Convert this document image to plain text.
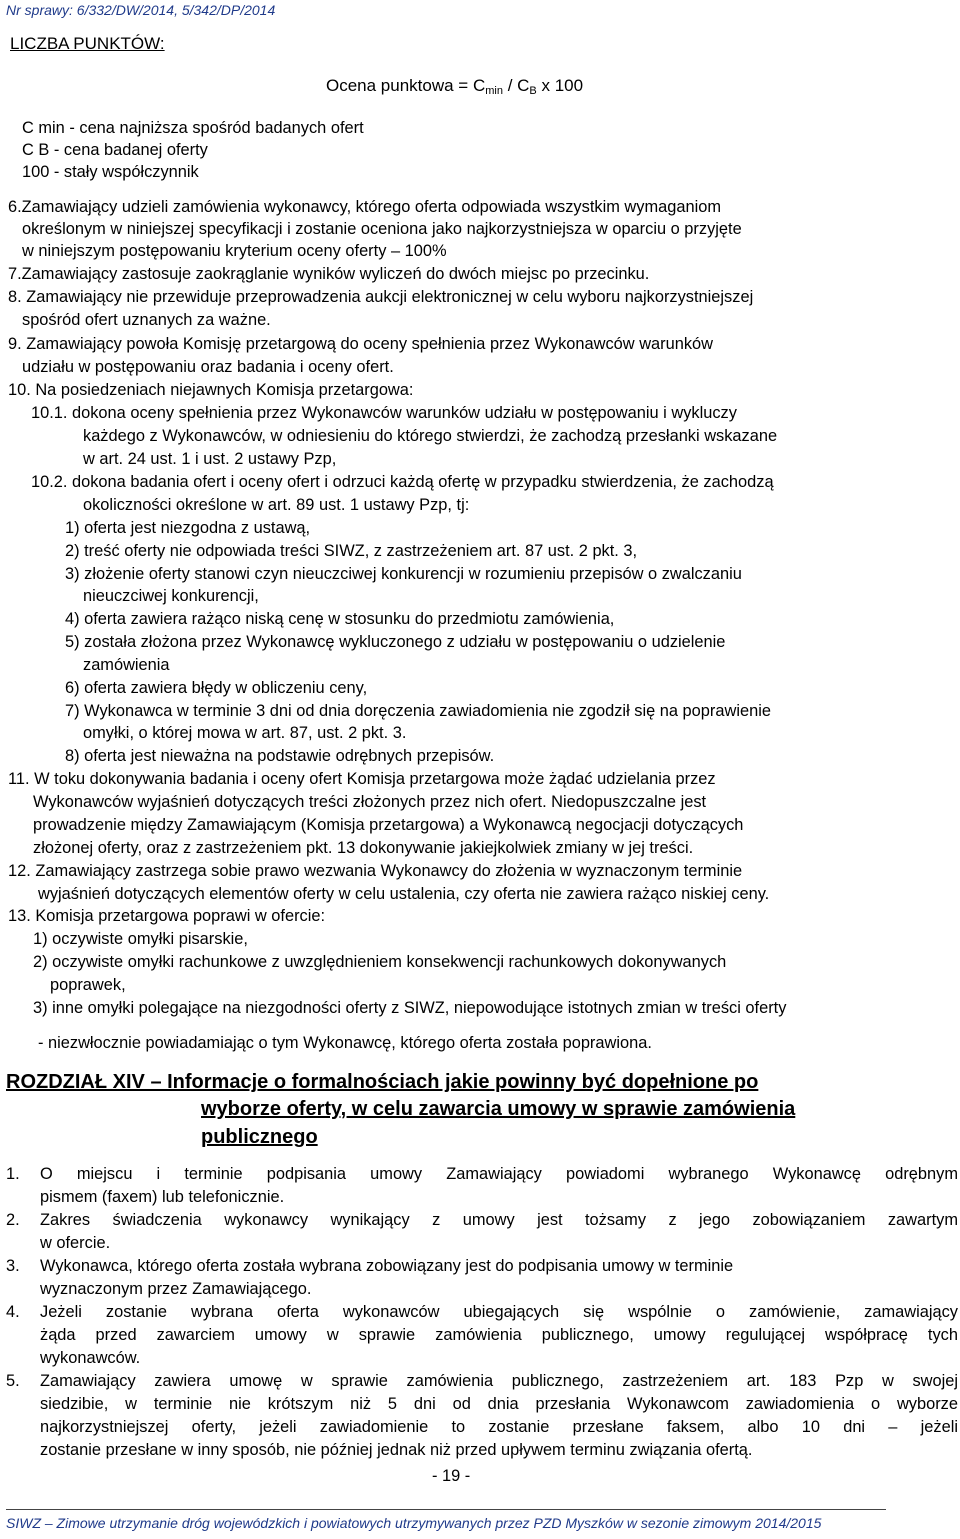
Nr sprawy: 6/332/DW/2014, 5/342/DP/2014
LICZBA PUNKTÓW:
Ocena punktowa = $C_{min} / C_B$ x 100
C min - cena najniższa spośród badanych ofert
C B - cena badanej oferty
100 - stały współczynnik
6.Zamawiający udzieli zamówienia wykonawcy, którego oferta odpowiada wszystkim wymaganiom
określonym w niniejszej specyfikacji i zostanie oceniona jako najkorzystniejsza w oparciu o przyjęte
w niniejszym postępowaniu kryterium oceny oferty – 100%
7.Zamawiający zastosuje zaokrąglanie wyników wyliczeń do dwóch miejsc po przecinku.
8. Zamawiający nie przewiduje przeprowadzenia aukcji elektronicznej w celu wyboru najkorzystniejszej
spośród ofert uznanych za ważne.
9. Zamawiający powoła Komisję przetargową do oceny spełnienia przez Wykonawców warunków
udziału w postępowaniu oraz badania i oceny ofert.
10. Na posiedzeniach niejawnych Komisja przetargowa:
10.1. dokona oceny spełnienia przez Wykonawców warunków udziału w postępowaniu i wykluczy
każdego z Wykonawców, w odniesieniu do którego stwierdzi, że zachodzą przesłanki wskazane
w art. 24 ust. 1 i ust. 2 ustawy Pzp,
10.2. dokona badania ofert i oceny ofert i odrzuci każdą ofertę w przypadku stwierdzenia, że zachodzą
okoliczności określone w art. 89 ust. 1 ustawy Pzp, tj:
1) oferta jest niezgodna z ustawą,
2) treść oferty nie odpowiada treści SIWZ, z zastrzeżeniem art. 87 ust. 2 pkt. 3,
3) złożenie oferty stanowi czyn nieuczciwej konkurencji w rozumieniu przepisów o zwalczaniu
nieuczciwej konkurencji,
4) oferta zawiera rażąco niską cenę w stosunku do przedmiotu zamówienia,
5) została złożona przez Wykonawcę wykluczonego z udziału w postępowaniu o udzielenie
zamówienia
6) oferta zawiera błędy w obliczeniu ceny,
7) Wykonawca w terminie 3 dni od dnia doręczenia zawiadomienia nie zgodził się na poprawienie
omyłki, o której mowa w art. 87, ust. 2 pkt. 3.
8) oferta jest nieważna na podstawie odrębnych przepisów.
11. W toku dokonywania badania i oceny ofert Komisja przetargowa może żądać udzielania przez
Wykonawców wyjaśnień dotyczących treści złożonych przez nich ofert. Niedopuszczalne jest
prowadzenie między Zamawiającym (Komisja przetargowa) a Wykonawcą negocjacji dotyczących
złożonej oferty, oraz z zastrzeżeniem pkt. 13 dokonywanie jakiejkolwiek zmiany w jej treści.
12. Zamawiający zastrzega sobie prawo wezwania Wykonawcy do złożenia w wyznaczonym terminie
wyjaśnień dotyczących elementów oferty w celu ustalenia, czy oferta nie zawiera rażąco niskiej ceny.
13. Komisja przetargowa poprawi w ofercie:
1) oczywiste omyłki pisarskie,
2) oczywiste omyłki rachunkowe z uwzględnieniem konsekwencji rachunkowych dokonywanych
poprawek,
3) inne omyłki polegające na niezgodności oferty z SIWZ, niepowodujące istotnych zmian w treści oferty
- niezwłocznie powiadamiając o tym Wykonawcę, którego oferta została poprawiona.
ROZDZIAŁ XIV – Informacje o formalnościach jakie powinny być dopełnione po
wyborze oferty, w celu zawarcia umowy w sprawie zamówienia
publicznego
1. O miejscu i terminie podpisania umowy Zamawiający powiadomi wybranego Wykonawcę odrębnym
pismem (faxem) lub telefonicznie.
2. Zakres świadczenia wykonawcy wynikający z umowy jest tożsamy z jego zobowiązaniem zawartym
w ofercie.
3. Wykonawca, którego oferta została wybrana zobowiązany jest do podpisania umowy w terminie
wyznaczonym przez Zamawiającego.
4. Jeżeli zostanie wybrana oferta wykonawców ubiegających się wspólnie o zamówienie, zamawiający
żąda przed zawarciem umowy w sprawie zamówienia publicznego, umowy regulującej współpracę tych
wykonawców.
5. Zamawiający zawiera umowę w sprawie zamówienia publicznego, zastrzeżeniem art. 183 Pzp w swojej
siedzibie, w terminie nie krótszym niż 5 dni od dnia przesłania Wykonawcom zawiadomienia o wyborze
najkorzystniejszej oferty, jeżeli zawiadomienie to zostanie przesłane faksem, albo 10 dni – jeżeli
zostanie przesłane w inny sposób, nie później jednak niż przed upływem terminu związania ofertą.
- 19 -
SIWZ – Zimowe utrzymanie dróg wojewódzkich i powiatowych utrzymywanych przez PZD Myszków w sezonie zimowym 2014/2015
